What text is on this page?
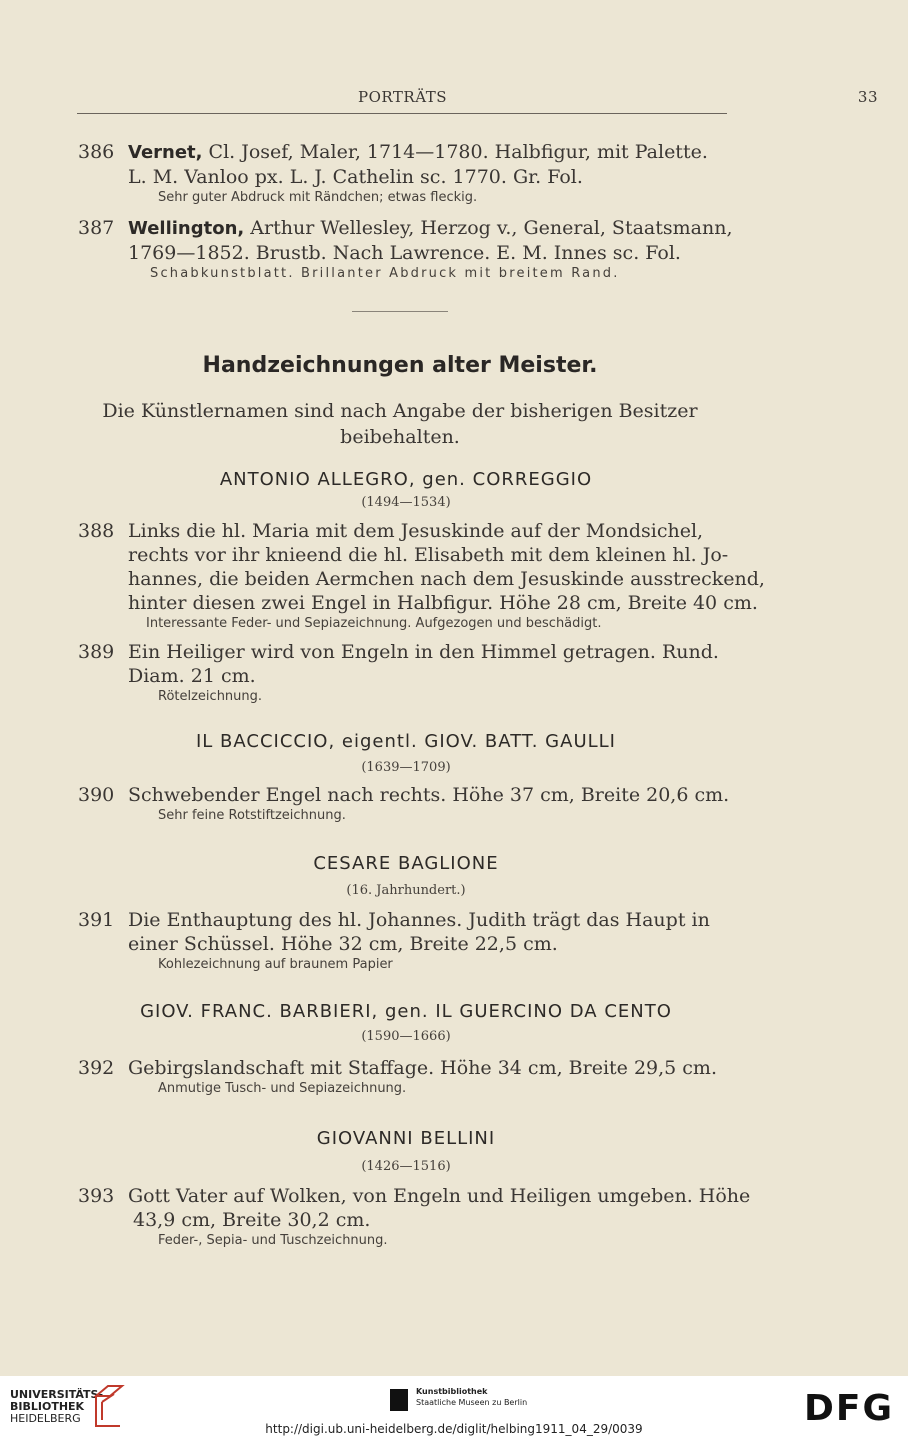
PORTRÄTS	33
386 Vernet, Cl. Josef, Maler, 1714—1780. Halbfigur, mit Palette.
L. M. Vanloo px. L. J. Cathelin sc. 1770. Gr. Fol.
Sehr guter Abdruck mit Rändchen; etwas fleckig.
387 Wellington, Arthur Wellesley, Herzog v., General, Staatsmann,
1769—1852. Brustb. Nach Lawrence. E. M. Innes sc. Fol.
Schabkunstblatt. Brillanter Abdruck mit breitem Rand.
Handzeichnungen alter Meister.
Die Künstlernamen sind nach Angabe der bisherigen Besitzer
beibehalten.
ANTONIO ALLEGRO, gen. CORREGGIO
(1494—1534)
388 Links die hl. Maria mit dem Jesuskinde auf der Mondsichel,
rechts vor ihr knieend die hl. Elisabeth mit dem kleinen hl. Jo-
hannes, die beiden Aermchen nach dem Jesuskinde ausstreckend,
hinter diesen zwei Engel in Halbfigur. Höhe 28 cm, Breite 40 cm.
Interessante Feder- und Sepiazeichnung. Aufgezogen und beschädigt.
389 Ein Heiliger wird von Engeln in den Himmel getragen. Rund.
Diam. 21 cm.
Rötelzeichnung.
IL BACCICCIO, eigentl. GIOV. BATT. GAULLI
(1639—1709)
390 Schwebender Engel nach rechts. Höhe 37 cm, Breite 20,6 cm.
Sehr feine Rotstiftzeichnung.
CESARE BAGLIONE
(16. Jahrhundert.)
391 Die Enthauptung des hl. Johannes. Judith trägt das Haupt in
einer Schüssel. Höhe 32 cm, Breite 22,5 cm.
Kohlezeichnung auf braunem Papier
GIOV. FRANC. BARBIERI, gen. IL GUERCINO DA CENTO
(1590—1666)
392 Gebirgslandschaft mit Staffage. Höhe 34 cm, Breite 29,5 cm.
Anmutige Tusch- und Sepiazeichnung.
GIOVANNI BELLINI
(1426—1516)
393 Gott Vater auf Wolken, von Engeln und Heiligen umgeben. Höhe
43,9 cm, Breite 30,2 cm.
Feder-, Sepia- und Tuschzeichnung.
UNIVERSITÄTS-
BIBLIOTHEK
HEIDELBERG
Kunstbibliothek
Staatliche Museen zu Berlin	DFG
http://digi.ub.uni-heidelberg.de/diglit/helbing1911_04_29/0039
